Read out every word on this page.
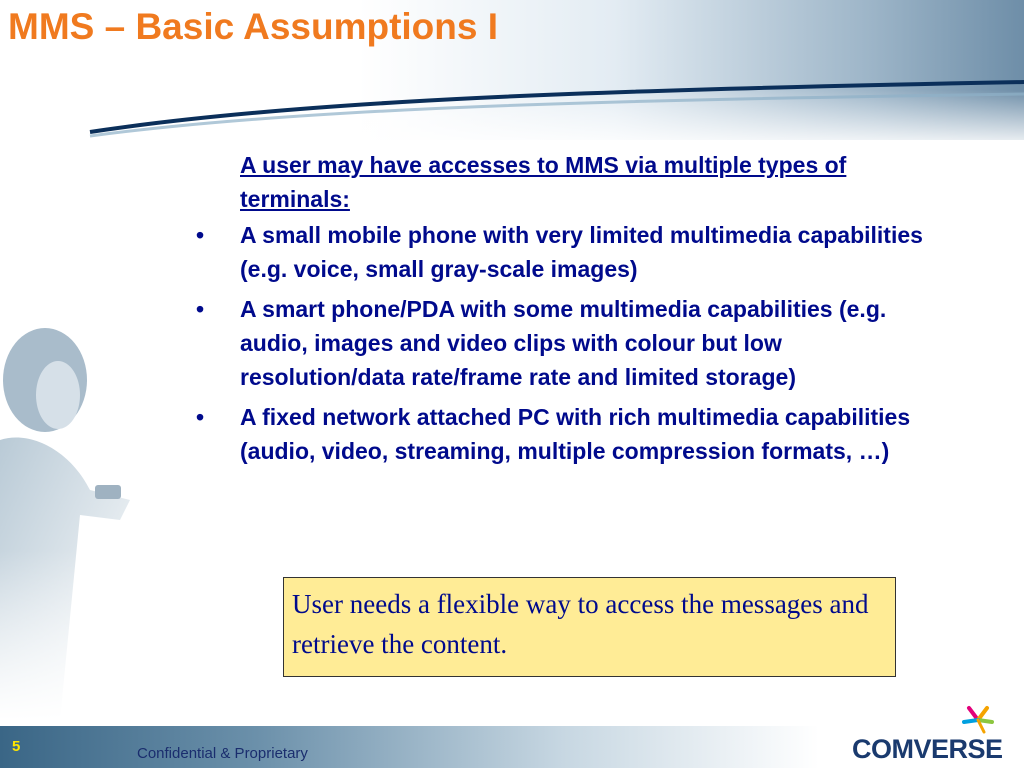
MMS – Basic Assumptions I
A user may have accesses to MMS via multiple types of terminals:
• A small mobile phone with very limited multimedia capabilities (e.g. voice, small gray-scale images)
• A smart phone/PDA with some multimedia capabilities (e.g. audio, images and video clips with colour but low resolution/data rate/frame rate and limited storage)
• A fixed network attached PC with rich multimedia capabilities (audio, video, streaming, multiple compression formats, …)
User needs a flexible way to access the messages and retrieve the content.
5	Confidential & Proprietary	COMVERSE
